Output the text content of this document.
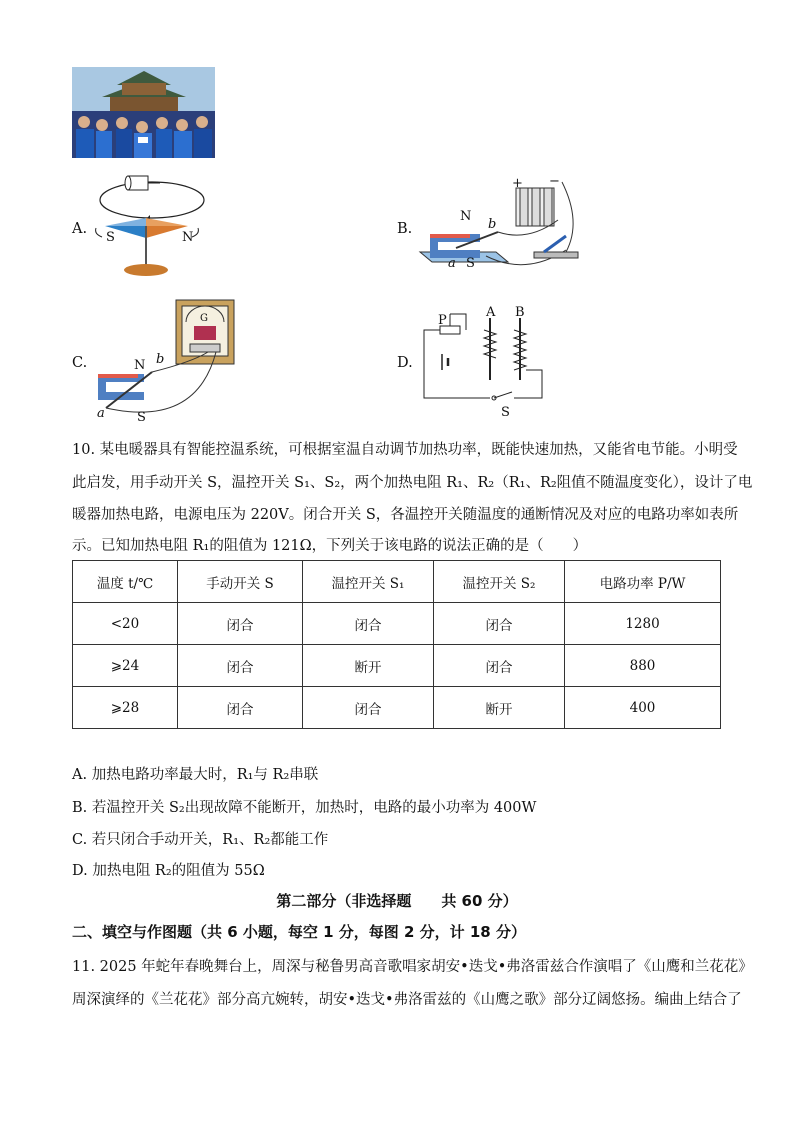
A.
S	N
B.
N
b
a S
+ −
C.	N b
a S
G
D.
P
A B
S
10. 某电暖器具有智能控温系统，可根据室温自动调节加热功率，既能快速加热，又能省电节能。小明受
此启发，用手动开关 S，温控开关 S₁、S₂，两个加热电阻 R₁、R₂（R₁、R₂阻值不随温度变化），设计了电
暖器加热电路，电源电压为 220V。闭合开关 S，各温控开关随温度的通断情况及对应的电路功率如表所
示。已知加热电阻 R₁的阻值为 121Ω，下列关于该电路的说法正确的是（　　）
温度 t/℃	手动开关 S	温控开关 S₁	温控开关 S₂	电路功率 P/W
<20	闭合	闭合	闭合	1280
⩾24	闭合	断开	闭合	880
⩾28	闭合	闭合	断开	400
A. 加热电路功率最大时，R₁与 R₂串联
B. 若温控开关 S₂出现故障不能断开，加热时，电路的最小功率为 400W
C. 若只闭合手动开关，R₁、R₂都能工作
D. 加热电阻 R₂的阻值为 55Ω
第二部分（非选择题　　共 60 分）
二、填空与作图题（共 6 小题，每空 1 分，每图 2 分，计 18 分）
11. 2025 年蛇年春晚舞台上，周深与秘鲁男高音歌唱家胡安•迭戈•弗洛雷兹合作演唱了《山鹰和兰花花》
周深演绎的《兰花花》部分高亢婉转，胡安•迭戈•弗洛雷兹的《山鹰之歌》部分辽阔悠扬。编曲上结合了
